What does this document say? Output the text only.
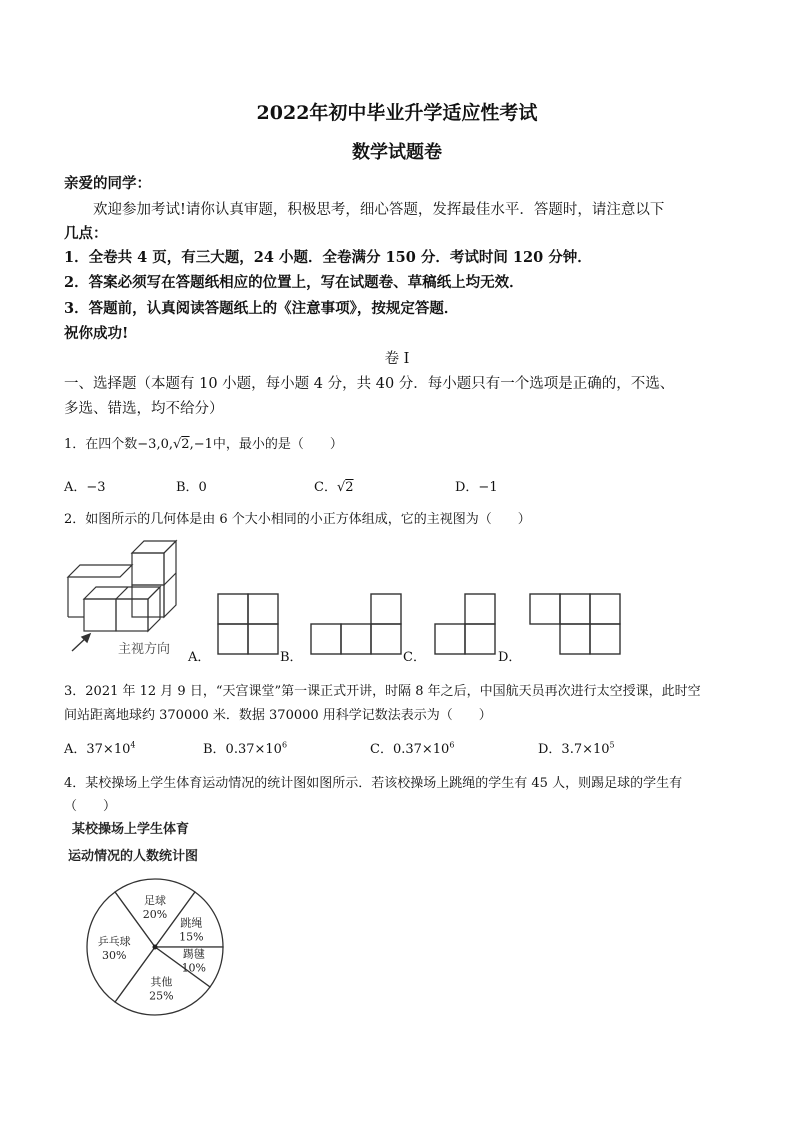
2022年初中毕业升学适应性考试
数学试题卷
亲爱的同学：
欢迎参加考试!请你认真审题，积极思考，细心答题，发挥最佳水平．答题时，请注意以下
几点：
1．全卷共 4 页，有三大题，24 小题．全卷满分 150 分．考试时间 120 分钟．
2．答案必须写在答题纸相应的位置上，写在试题卷、草稿纸上均无效．
3．答题前，认真阅读答题纸上的《注意事项》，按规定答题．
祝你成功!
卷 Ⅰ
一、选择题（本题有 10 小题，每小题 4 分，共 40 分．每小题只有一个选项是正确的，不选、
多选、错选，均不给分）
1．在四个数−3,0,√2,−1中，最小的是（　　）
A．−3	B．0	C．√2	D．−1
2．如图所示的几何体是由 6 个大小相同的小正方体组成，它的主视图为（　　）
主视方向
A．	B．	C．	D．
3．2021 年 12 月 9 日，“天宫课堂”第一课正式开讲，时隔 8 年之后，中国航天员再次进行太空授课，此时空
间站距离地球约 370000 米．数据 370000 用科学记数法表示为（　　）
A．$37\times 10^4$	B．$0.37\times 10^6$	C．$0.37\times 10^6$	D．$3.7\times 10^5$
4．某校操场上学生体育运动情况的统计图如图所示．若该校操场上跳绳的学生有 45 人，则踢足球的学生有
（　　）
某校操场上学生体育
运动情况的人数统计图
足球
20%
跳绳
15%
踢毽
10%
其他
25%
乒乓球
30%
